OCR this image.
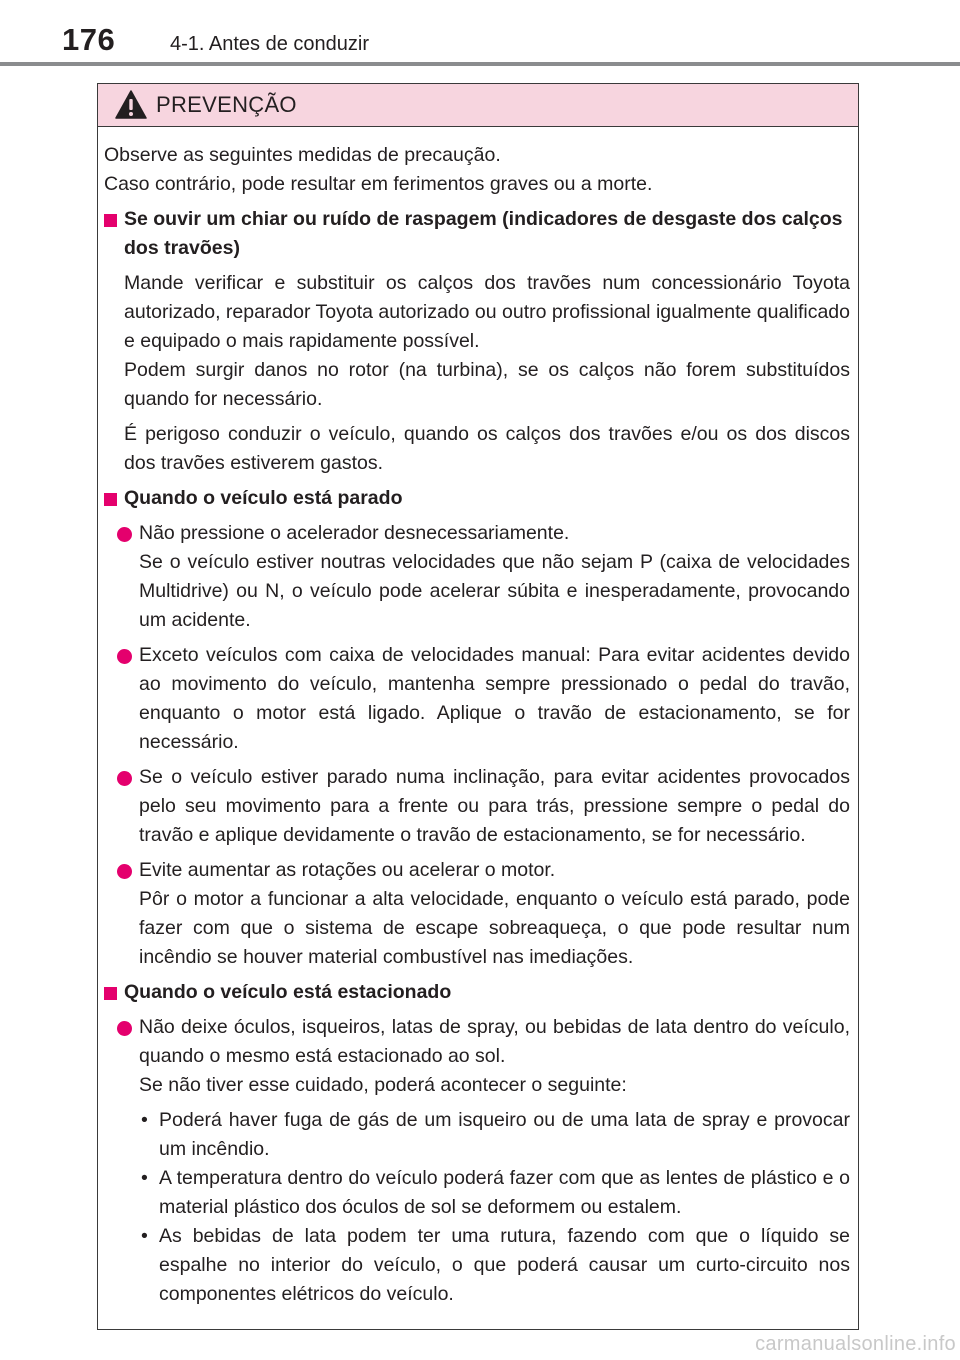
176	4-1. Antes de conduzir
PREVENÇÃO

Observe as seguintes medidas de precaução.

Caso contrário, pode resultar em ferimentos graves ou a morte.

Se ouvir um chiar ou ruído de raspagem (indicadores de desgaste dos calços dos travões)

Mande verificar e substituir os calços dos travões num concessionário Toyota autorizado, reparador Toyota autorizado ou outro profissional igualmente qualificado e equipado o mais rapidamente possível.

Podem surgir danos no rotor (na turbina), se os calços não forem substituídos quando for necessário.

É perigoso conduzir o veículo, quando os calços dos travões e/ou os dos discos dos travões estiverem gastos.

Quando o veículo está parado

Não pressione o acelerador desnecessariamente.

Se o veículo estiver noutras velocidades que não sejam P (caixa de velocidades Multidrive) ou N, o veículo pode acelerar súbita e inesperadamente, provocando um acidente.

Exceto veículos com caixa de velocidades manual: Para evitar acidentes devido ao movimento do veículo, mantenha sempre pressionado o pedal do travão, enquanto o motor está ligado. Aplique o travão de estacionamento, se for necessário.

Se o veículo estiver parado numa inclinação, para evitar acidentes provocados pelo seu movimento para a frente ou para trás, pressione sempre o pedal do travão e aplique devidamente o travão de estacionamento, se for necessário.

Evite aumentar as rotações ou acelerar o motor.

Pôr o motor a funcionar a alta velocidade, enquanto o veículo está parado, pode fazer com que o sistema de escape sobreaqueça, o que pode resultar num incêndio se houver material combustível nas imediações.

Quando o veículo está estacionado

Não deixe óculos, isqueiros, latas de spray, ou bebidas de lata dentro do veículo, quando o mesmo está estacionado ao sol.

Se não tiver esse cuidado, poderá acontecer o seguinte:

• Poderá haver fuga de gás de um isqueiro ou de uma lata de spray e provocar um incêndio.
• A temperatura dentro do veículo poderá fazer com que as lentes de plástico e o material plástico dos óculos de sol se deformem ou estalem.
• As bebidas de lata podem ter uma rutura, fazendo com que o líquido se espalhe no interior do veículo, o que poderá causar um curto-circuito nos componentes elétricos do veículo.
carmanualsonline.info
